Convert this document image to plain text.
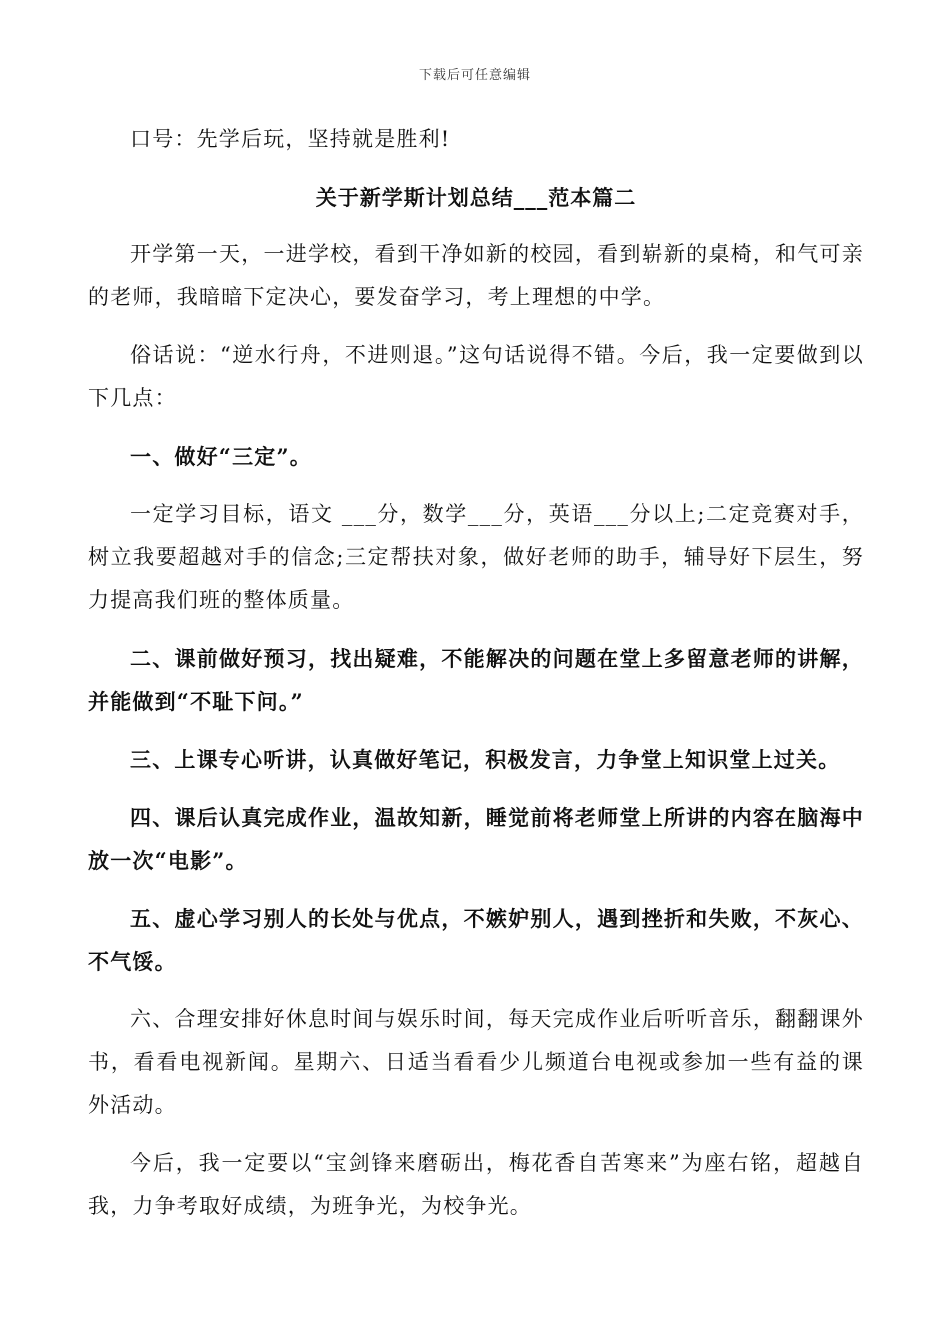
下载后可任意编辑

口号：先学后玩，坚持就是胜利!

关于新学斯计划总结___范本篇二

开学第一天，一进学校，看到干净如新的校园，看到崭新的桌椅，和气可亲的老师，我暗暗下定决心，要发奋学习，考上理想的中学。

俗话说：“逆水行舟，不进则退。”这句话说得不错。今后，我一定要做到以下几点：

一、做好“三定”。

一定学习目标，语文 ___分，数学___分，英语___分以上;二定竞赛对手，树立我要超越对手的信念;三定帮扶对象，做好老师的助手，辅导好下层生，努力提高我们班的整体质量。

二、课前做好预习，找出疑难，不能解决的问题在堂上多留意老师的讲解，并能做到“不耻下问。”

三、上课专心听讲，认真做好笔记，积极发言，力争堂上知识堂上过关。

四、课后认真完成作业，温故知新，睡觉前将老师堂上所讲的内容在脑海中放一次“电影”。

五、虚心学习别人的长处与优点，不嫉妒别人，遇到挫折和失败，不灰心、不气馁。

六、合理安排好休息时间与娱乐时间，每天完成作业后听听音乐，翻翻课外书，看看电视新闻。星期六、日适当看看少儿频道台电视或参加一些有益的课外活动。

今后，我一定要以“宝剑锋来磨砺出，梅花香自苦寒来”为座右铭，超越自我，力争考取好成绩，为班争光，为校争光。
